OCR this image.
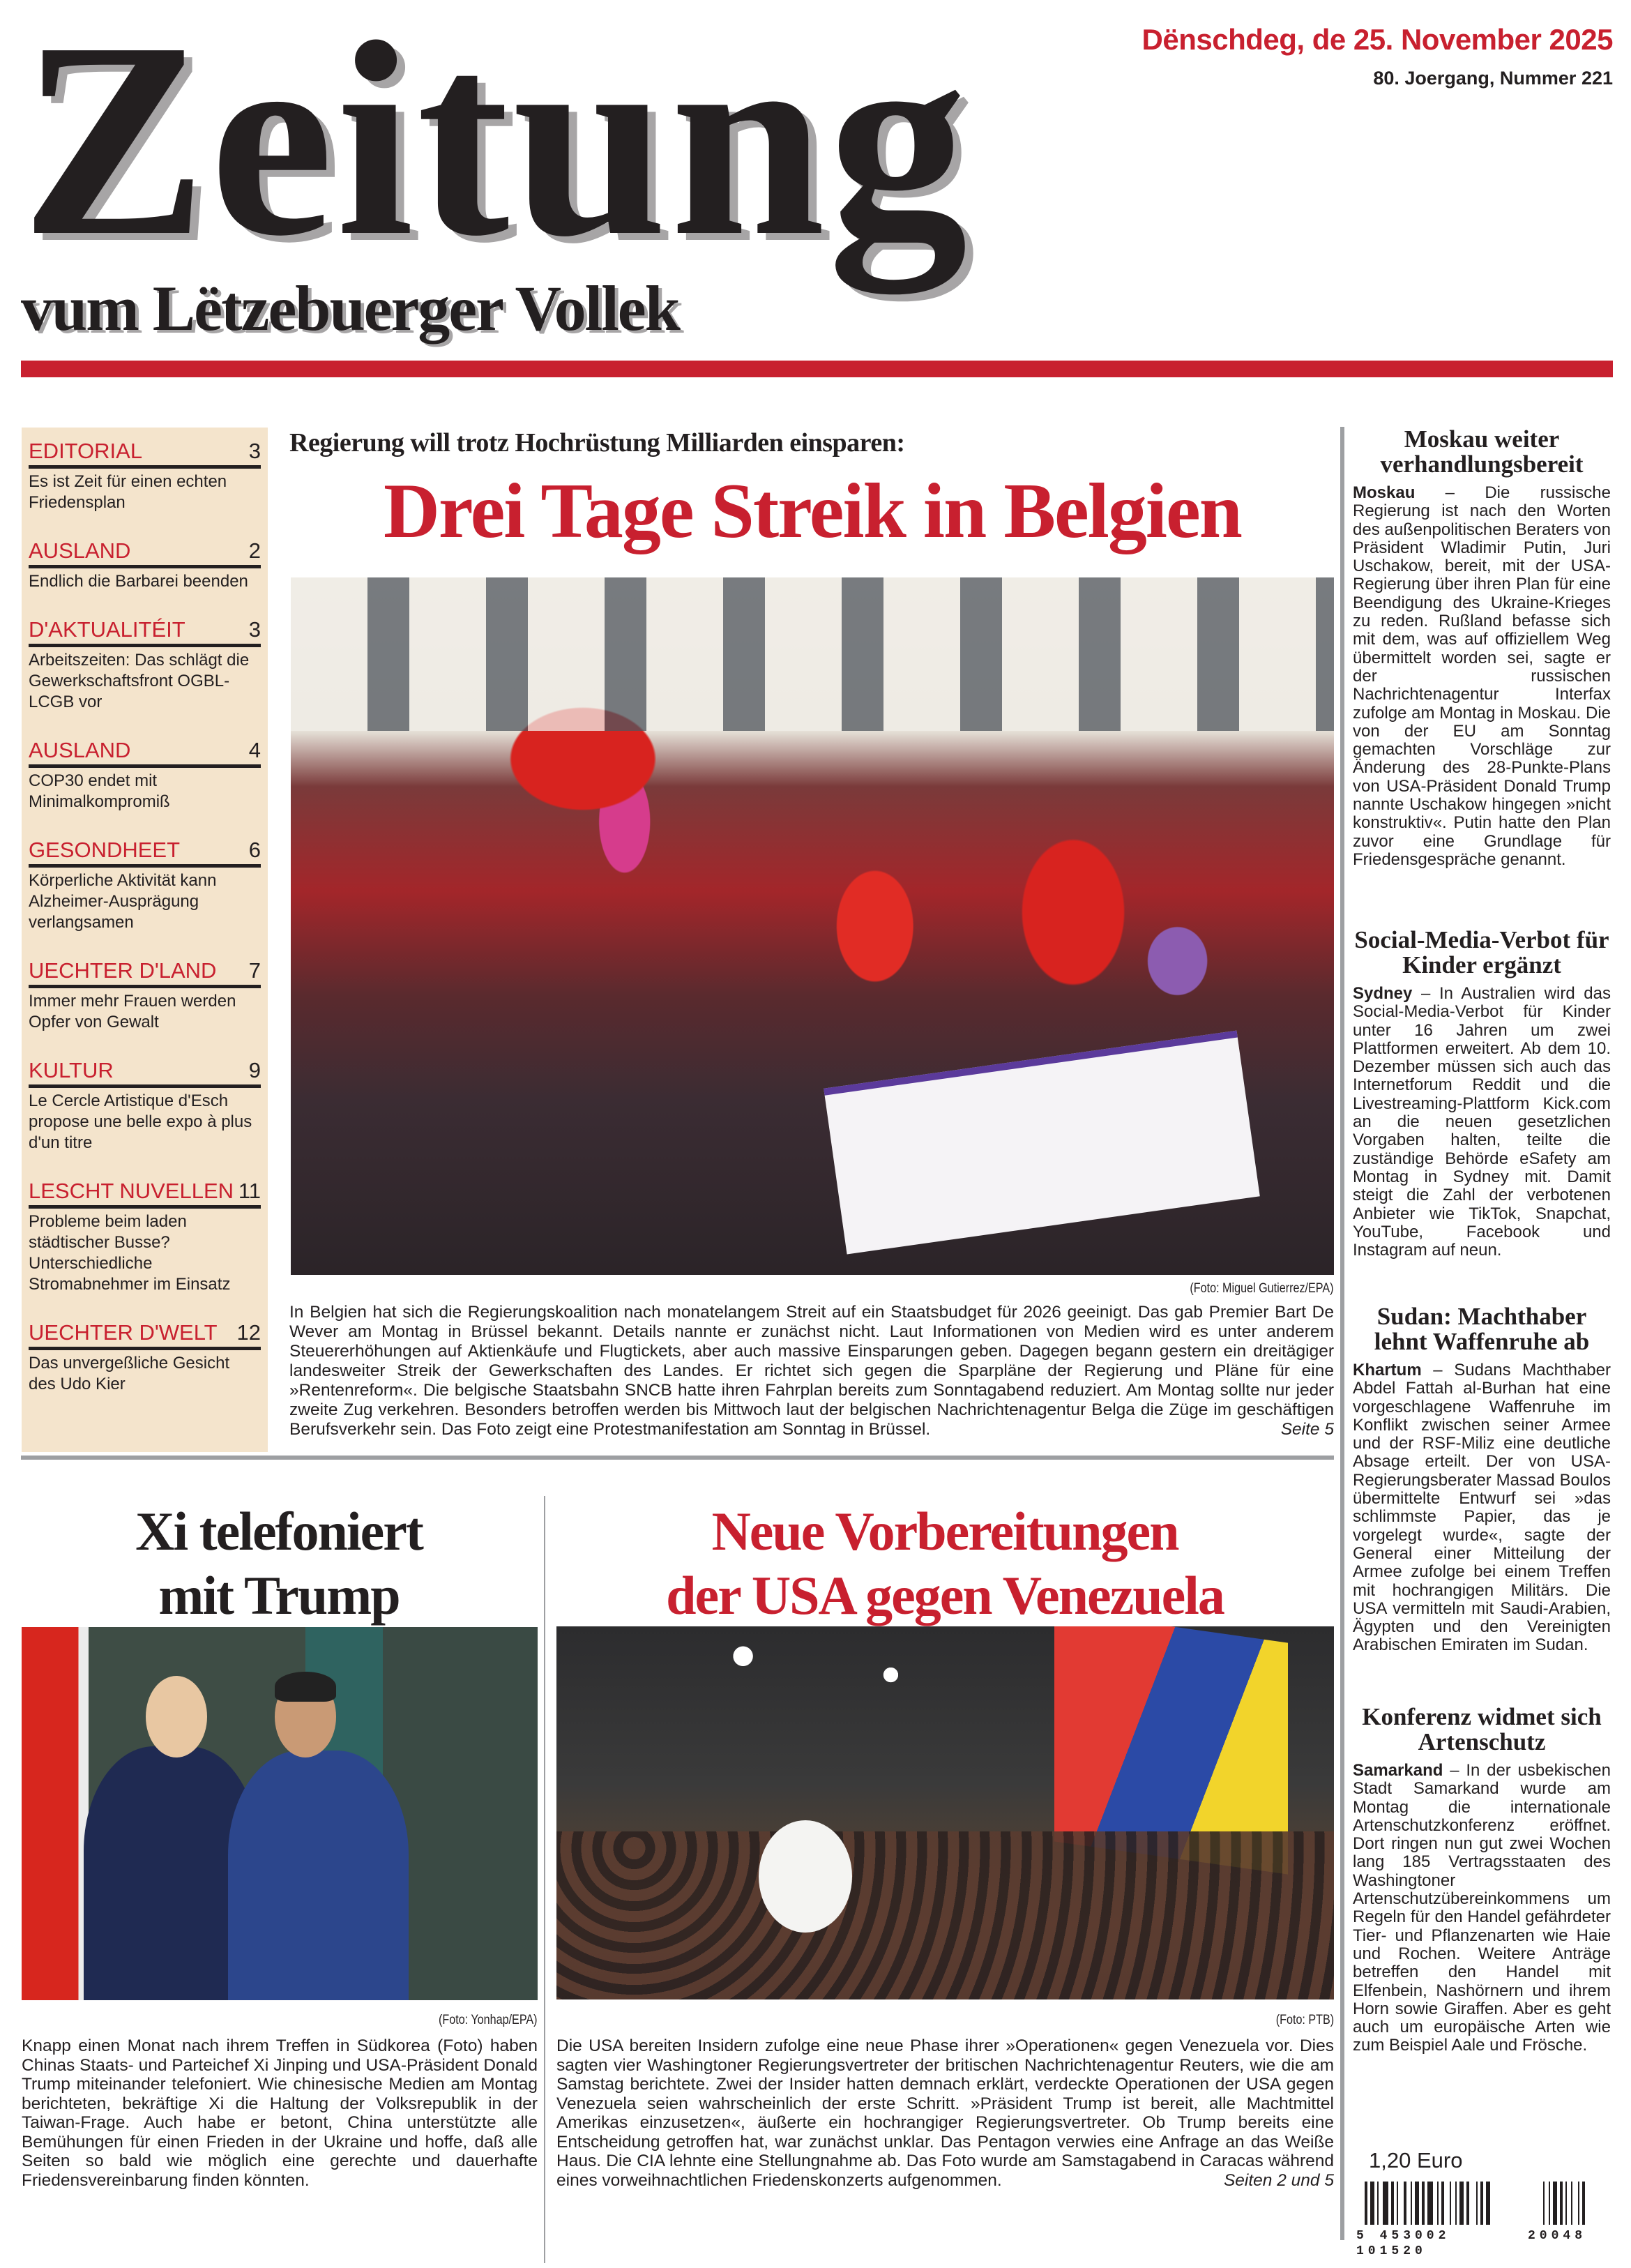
Zeitung
vum Lëtzebuerger Vollek
Dënschdeg, de 25. November 2025
80. Joergang, Nummer 221
EDITORIAL	3
Es ist Zeit für einen echten Friedensplan
AUSLAND	2
Endlich die Barbarei beenden
D'AKTUALITÉIT	3
Arbeitszeiten: Das schlägt die Gewerkschaftsfront OGBL-LCGB vor
AUSLAND	4
COP30 endet mit Minimalkompromiß
GESONDHEET	6
Körperliche Aktivität kann Alzheimer-Ausprägung verlangsamen
UECHTER D'LAND 7
Immer mehr Frauen werden Opfer von Gewalt
KULTUR	9
Le Cercle Artistique d'Esch propose une belle expo à plus d'un titre
LESCHT NUVELLEN 11
Probleme beim laden städtischer Busse? Unterschiedliche Stromabnehmer im Einsatz
UECHTER D'WELT 12
Das unvergeßliche Gesicht des Udo Kier
Regierung will trotz Hochrüstung Milliarden einsparen:
Drei Tage Streik in Belgien
(Foto: Miguel Gutierrez/EPA)
In Belgien hat sich die Regierungskoalition nach monatelangem Streit auf ein Staatsbudget für 2026 geeinigt. Das gab Premier Bart De Wever am Montag in Brüssel bekannt. Details nannte er zunächst nicht. Laut Informationen von Medien wird es unter anderem Steuererhöhungen auf Aktienkäufe und Flugtickets, aber auch massive Einsparungen geben. Dagegen begann gestern ein dreitägiger landesweiter Streik der Gewerkschaften des Landes. Er richtet sich gegen die Sparpläne der Regierung und Pläne für eine »Rentenreform«. Die belgische Staatsbahn SNCB hatte ihren Fahrplan bereits zum Sonntagabend reduziert. Am Montag sollte nur jeder zweite Zug verkehren. Besonders betroffen werden bis Mittwoch laut der belgischen Nachrichtenagentur Belga die Züge im geschäftigen Berufsverkehr sein. Das Foto zeigt eine Protestmanifestation am Sonntag in Brüssel.	Seite 5
Moskau weiter verhandlungsbereit

Moskau – Die russische Regierung ist nach den Worten des außenpolitischen Beraters von Präsident Wladimir Putin, Juri Uschakow, bereit, mit der USA-Regierung über ihren Plan für eine Beendigung des Ukraine-Krieges zu reden. Rußland befasse sich mit dem, was auf offiziellem Weg übermittelt worden sei, sagte er der russischen Nachrichtenagentur Interfax zufolge am Montag in Moskau. Die von der EU am Sonntag gemachten Vorschläge zur Änderung des 28-Punkte-Plans von USA-Präsident Donald Trump nannte Uschakow hingegen »nicht konstruktiv«. Putin hatte den Plan zuvor eine Grundlage für Friedensgespräche genannt.

Social-Media-Verbot für Kinder ergänzt

Sydney – In Australien wird das Social-Media-Verbot für Kinder unter 16 Jahren um zwei Plattformen erweitert. Ab dem 10. Dezember müssen sich auch das Internetforum Reddit und die Livestreaming-Plattform Kick.com an die neuen gesetzlichen Vorgaben halten, teilte die zuständige Behörde eSafety am Montag in Sydney mit. Damit steigt die Zahl der verbotenen Anbieter wie TikTok, Snapchat, YouTube, Facebook und Instagram auf neun.

Sudan: Machthaber lehnt Waffenruhe ab

Khartum – Sudans Machthaber Abdel Fattah al-Burhan hat eine vorgeschlagene Waffenruhe im Konflikt zwischen seiner Armee und der RSF-Miliz eine deutliche Absage erteilt. Der von USA-Regierungsberater Massad Boulos übermittelte Entwurf sei »das schlimmste Papier, das je vorgelegt wurde«, sagte der General einer Mitteilung der Armee zufolge bei einem Treffen mit hochrangigen Militärs. Die USA vermitteln mit Saudi-Arabien, Ägypten und den Vereinigten Arabischen Emiraten im Sudan.

Konferenz widmet sich Artenschutz

Samarkand – In der usbekischen Stadt Samarkand wurde am Montag die internationale Artenschutzkonferenz eröffnet. Dort ringen nun gut zwei Wochen lang 185 Vertragsstaaten des Washingtoner Artenschutzübereinkommens um Regeln für den Handel gefährdeter Tier- und Pflanzenarten wie Haie und Rochen. Weitere Anträge betreffen den Handel mit Elfenbein, Nashörnern und ihrem Horn sowie Giraffen. Aber es geht auch um europäische Arten wie zum Beispiel Aale und Frösche.

1,20 Euro
5 453002 101520
20048
Xi telefoniert
mit Trump
(Foto: Yonhap/EPA)
Knapp einen Monat nach ihrem Treffen in Südkorea (Foto) haben Chinas Staats- und Parteichef Xi Jinping und USA-Präsident Donald Trump miteinander telefoniert. Wie chinesische Medien am Montag berichteten, bekräftige Xi die Haltung der Volksrepublik in der Taiwan-Frage. Auch habe er betont, China unterstützte alle Bemühungen für einen Frieden in der Ukraine und hoffe, daß alle Seiten so bald wie möglich eine gerechte und dauerhafte Friedensvereinbarung finden könnten.
Neue Vorbereitungen
der USA gegen Venezuela
(Foto: PTB)
Die USA bereiten Insidern zufolge eine neue Phase ihrer »Operationen« gegen Venezuela vor. Dies sagten vier Washingtoner Regierungsvertreter der britischen Nachrichtenagentur Reuters, wie die am Samstag berichtete. Zwei der Insider hatten demnach erklärt, verdeckte Operationen der USA gegen Venezuela seien wahrscheinlich der erste Schritt. »Präsident Trump ist bereit, alle Machtmittel Amerikas einzusetzen«, äußerte ein hochrangiger Regierungsvertreter. Ob Trump bereits eine Entscheidung getroffen hat, war zunächst unklar. Das Pentagon verwies eine Anfrage an das Weiße Haus. Die CIA lehnte eine Stellungnahme ab. Das Foto wurde am Samstagabend in Caracas während eines vorweihnachtlichen Friedenskonzerts aufgenommen.	Seiten 2 und 5
